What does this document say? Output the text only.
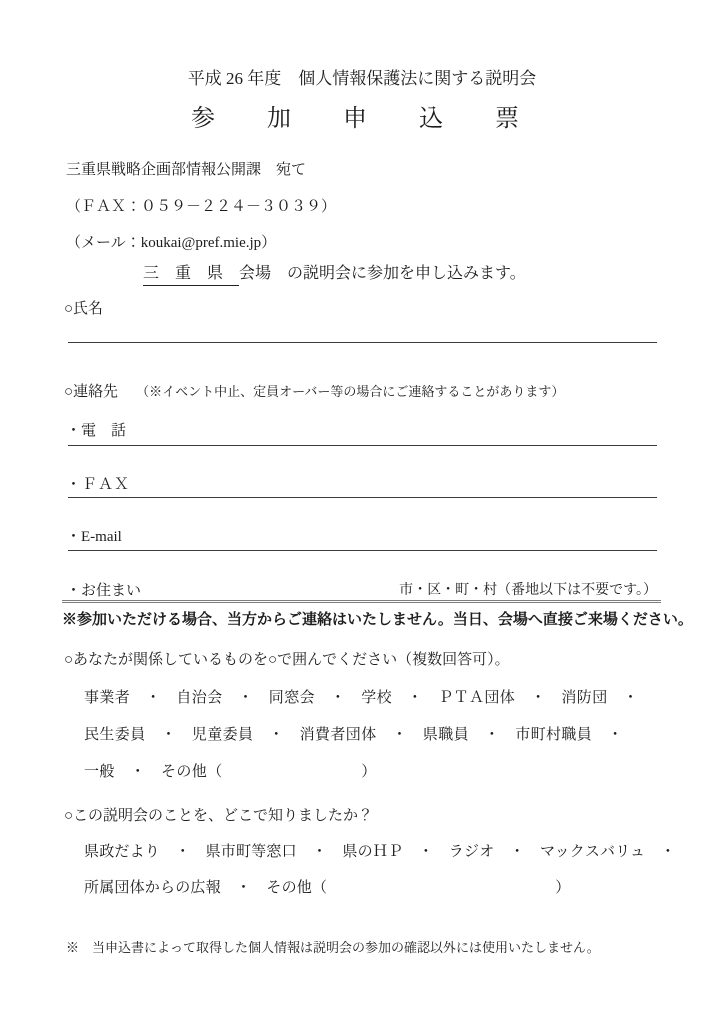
平成 26 年度　個人情報保護法に関する説明会
参　加　申　込　票
三重県戦略企画部情報公開課　宛て
（ＦＡＸ：０５９－２２４－３０３９）
（メール：koukai@pref.mie.jp）
三　重　県　会場　の説明会に参加を申し込みます。
○氏名
○連絡先 （※イベント中止、定員オーバー等の場合にご連絡することがあります）
・電　話
・ＦＡＸ
・E-mail
・お住まい	市・区・町・村（番地以下は不要です。）
※参加いただける場合、当方からご連絡はいたしません。当日、会場へ直接ご来場ください。
○あなたが関係しているものを○で囲んでください（複数回答可）。
事業者　・　自治会　・　同窓会　・　学校　・　ＰＴＡ団体　・　消防団　・
民生委員　・　児童委員　・　消費者団体　・　県職員　・　市町村職員　・
一般　・　その他（　　　　　　　　　）
○この説明会のことを、どこで知りましたか？
県政だより　・　県市町等窓口　・　県のＨＰ　・　ラジオ　・　マックスバリュ　・
所属団体からの広報　・　その他（　　　　　　　　　　　　　　　）
※　当申込書によって取得した個人情報は説明会の参加の確認以外には使用いたしません。
